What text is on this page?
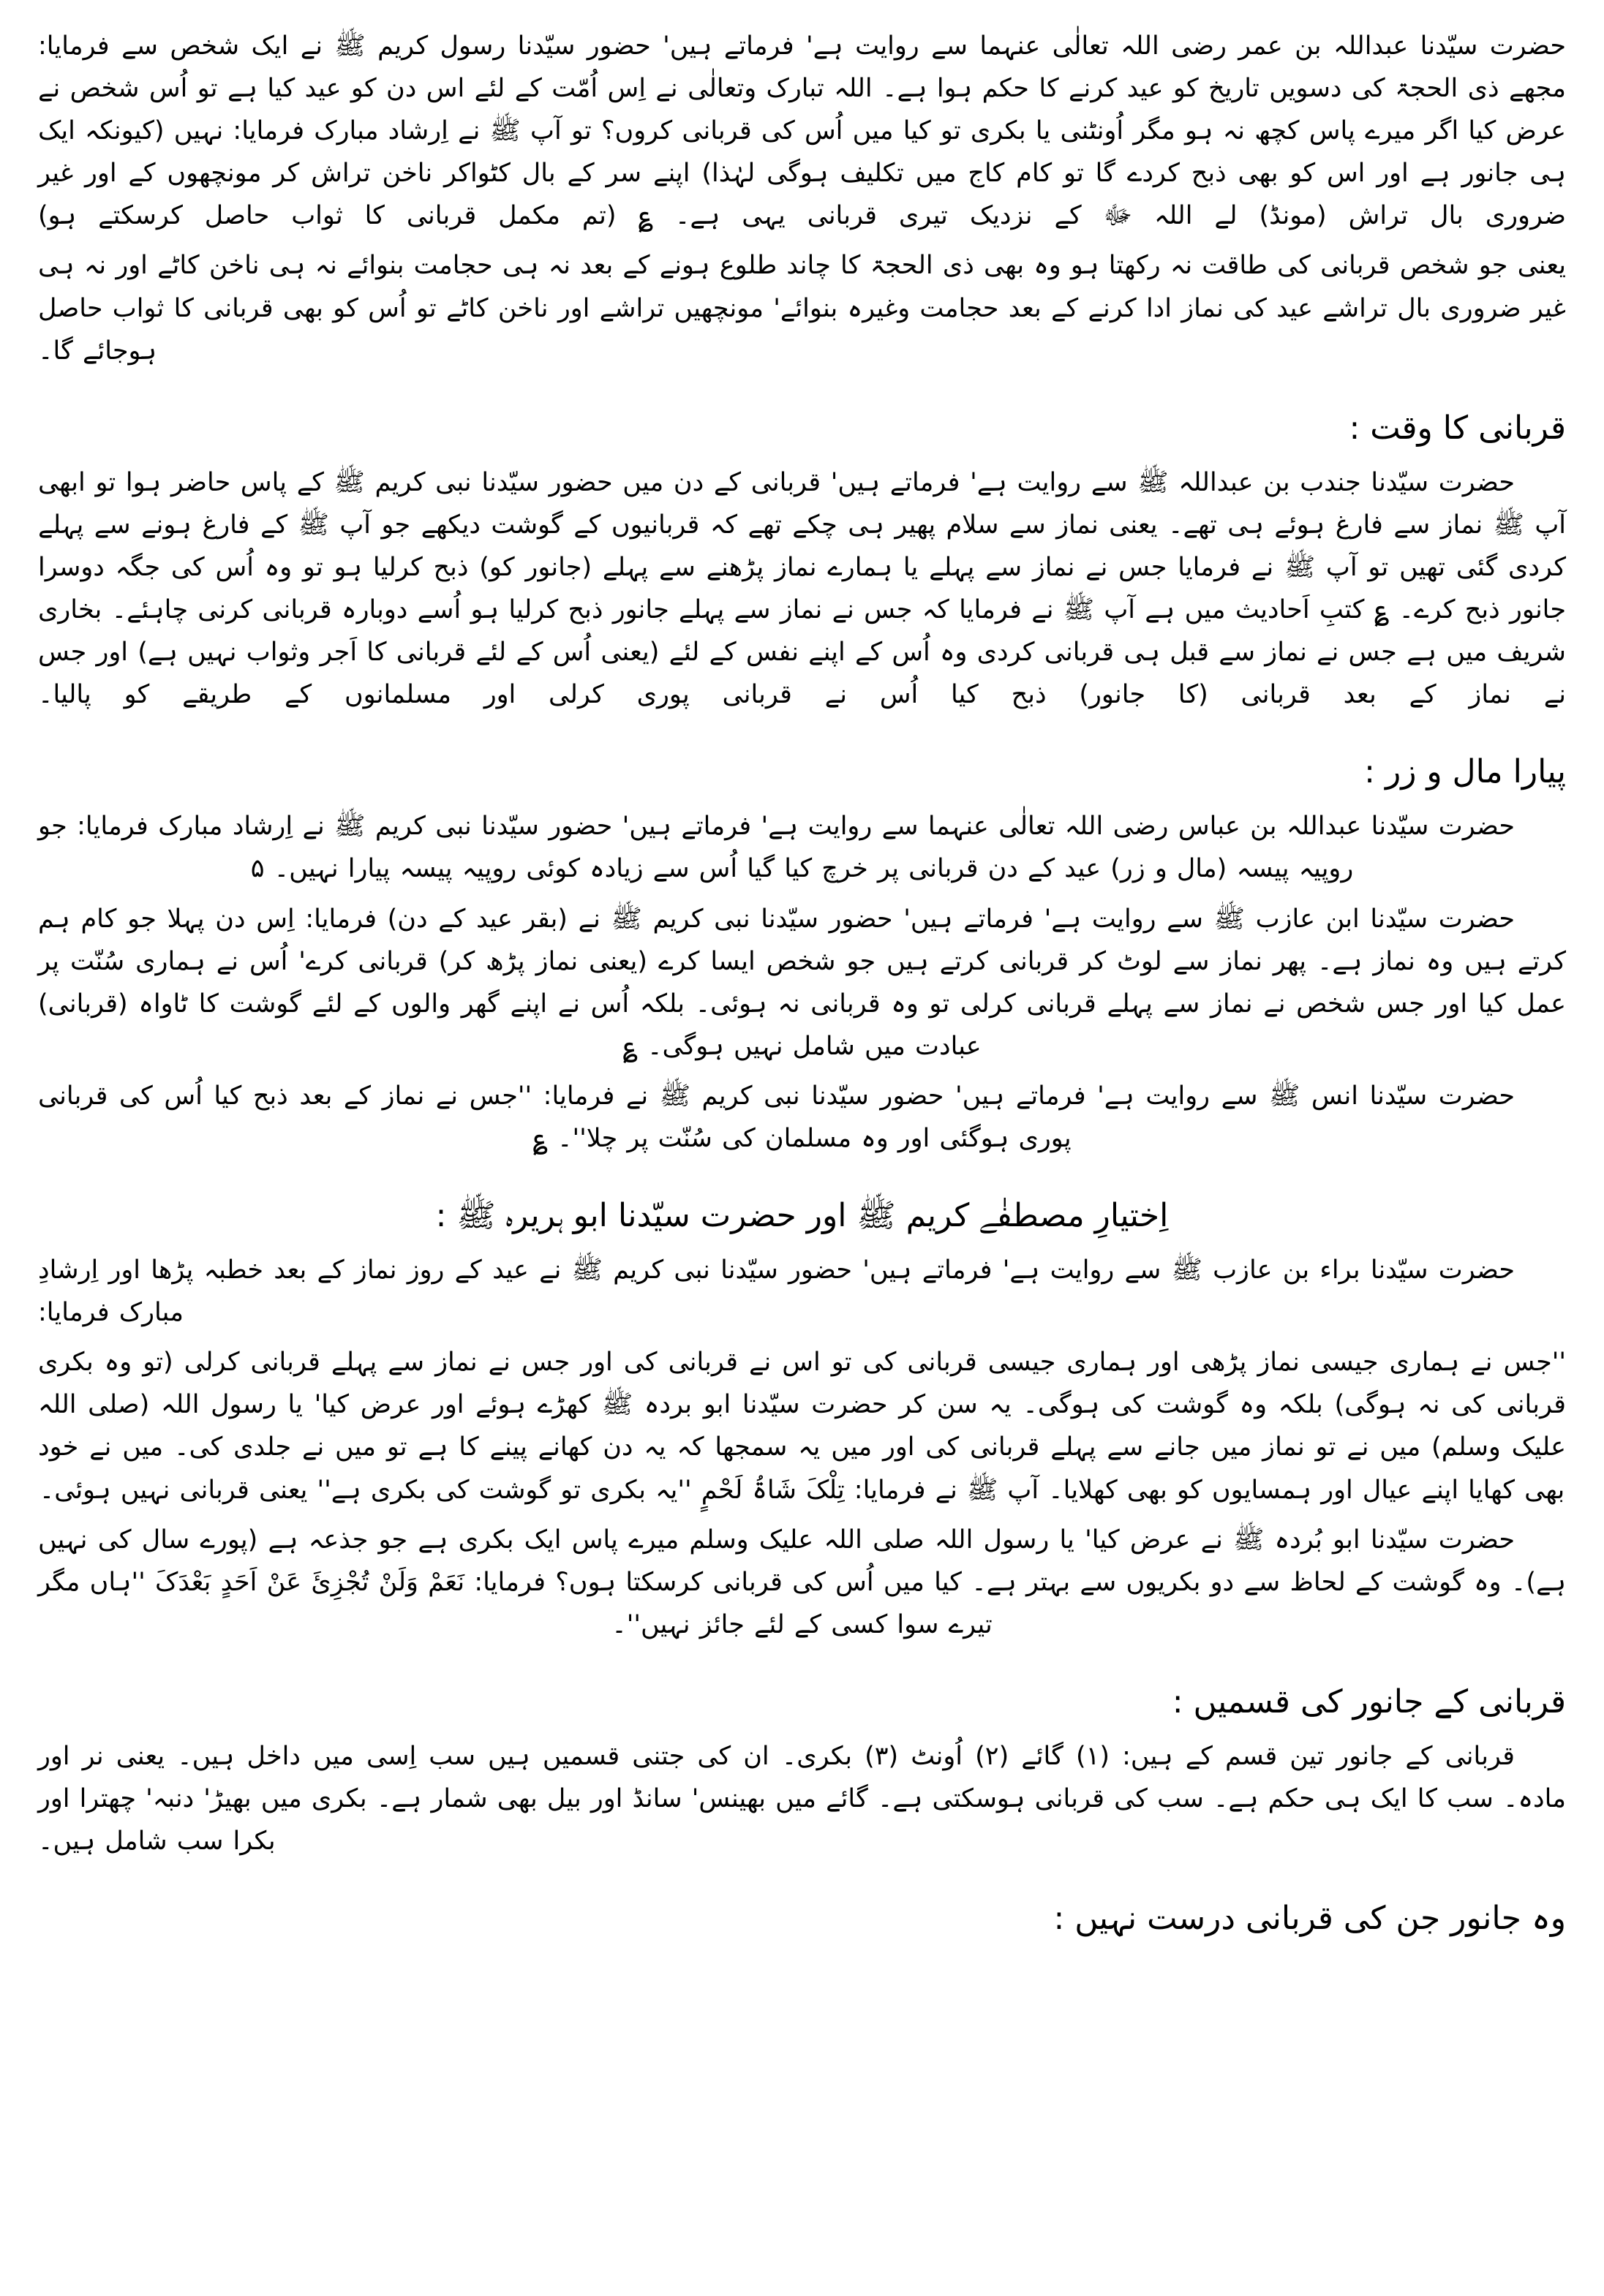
حضرت سیّدنا عبداللہ بن عمر رضی اللہ تعالٰی عنہما سے روایت ہے' فرماتے ہیں' حضور سیّدنا رسول کریم ﷺ نے ایک شخص سے فرمایا: مجھے ذی الحجۃ کی دسویں تاریخ کو عید کرنے کا حکم ہوا ہے۔ اللہ تبارک وتعالٰی نے اِس اُمّت کے لئے اس دن کو عید کیا ہے تو اُس شخص نے عرض کیا اگر میرے پاس کچھ نہ ہو مگر اُونٹنی یا بکری تو کیا میں اُس کی قربانی کروں؟ تو آپ ﷺ نے اِرشاد مبارک فرمایا: نہیں (کیونکہ ایک ہی جانور ہے اور اس کو بھی ذبح کردے گا تو کام کاج میں تکلیف ہوگی لہٰذا) اپنے سر کے بال کٹواکر ناخن تراش کر مونچھوں کے اور غیر ضروری بال تراش (مونڈ) لے اللہ ﷻ کے نزدیک تیری قربانی یہی ہے۔ ؏ (تم مکمل قربانی کا ثواب حاصل کرسکتے ہو)

یعنی جو شخص قربانی کی طاقت نہ رکھتا ہو وہ بھی ذی الحجۃ کا چاند طلوع ہونے کے بعد نہ ہی حجامت بنوائے نہ ہی ناخن کاٹے اور نہ ہی غیر ضروری بال تراشے عید کی نماز ادا کرنے کے بعد حجامت وغیرہ بنوائے' مونچھیں تراشے اور ناخن کاٹے تو اُس کو بھی قربانی کا ثواب حاصل ہوجائے گا۔

قربانی کا وقت :

حضرت سیّدنا جندب بن عبداللہ ﷺ سے روایت ہے' فرماتے ہیں' قربانی کے دن میں حضور سیّدنا نبی کریم ﷺ کے پاس حاضر ہوا تو ابھی آپ ﷺ نماز سے فارغ ہوئے ہی تھے۔ یعنی نماز سے سلام پھیر ہی چکے تھے کہ قربانیوں کے گوشت دیکھے جو آپ ﷺ کے فارغ ہونے سے پہلے کردی گئی تھیں تو آپ ﷺ نے فرمایا جس نے نماز سے پہلے یا ہمارے نماز پڑھنے سے پہلے (جانور کو) ذبح کرلیا ہو تو وہ اُس کی جگہ دوسرا جانور ذبح کرے۔ ؏ کتبِ اَحادیث میں ہے آپ ﷺ نے فرمایا کہ جس نے نماز سے پہلے جانور ذبح کرلیا ہو اُسے دوبارہ قربانی کرنی چاہئے۔ بخاری شریف میں ہے جس نے نماز سے قبل ہی قربانی کردی وہ اُس کے اپنے نفس کے لئے (یعنی اُس کے لئے قربانی کا اَجر وثواب نہیں ہے) اور جس نے نماز کے بعد قربانی (کا جانور) ذبح کیا اُس نے قربانی پوری کرلی اور مسلمانوں کے طریقے کو پالیا۔

پیارا مال و زر :

حضرت سیّدنا عبداللہ بن عباس رضی اللہ تعالٰی عنہما سے روایت ہے' فرماتے ہیں' حضور سیّدنا نبی کریم ﷺ نے اِرشاد مبارک فرمایا: جو روپیہ پیسہ (مال و زر) عید کے دن قربانی پر خرچ کیا گیا اُس سے زیادہ کوئی روپیہ پیسہ پیارا نہیں۔ ۵

حضرت سیّدنا ابن عازب ﷺ سے روایت ہے' فرماتے ہیں' حضور سیّدنا نبی کریم ﷺ نے (بقر عید کے دن) فرمایا: اِس دن پہلا جو کام ہم کرتے ہیں وہ نماز ہے۔ پھر نماز سے لوٹ کر قربانی کرتے ہیں جو شخص ایسا کرے (یعنی نماز پڑھ کر) قربانی کرے' اُس نے ہماری سُنّت پر عمل کیا اور جس شخص نے نماز سے پہلے قربانی کرلی تو وہ قربانی نہ ہوئی۔ بلکہ اُس نے اپنے گھر والوں کے لئے گوشت کا ٹاواہ (قربانی) عبادت میں شامل نہیں ہوگی۔ ؏

حضرت سیّدنا انس ﷺ سے روایت ہے' فرماتے ہیں' حضور سیّدنا نبی کریم ﷺ نے فرمایا: ''جس نے نماز کے بعد ذبح کیا اُس کی قربانی پوری ہوگئی اور وہ مسلمان کی سُنّت پر چلا''۔ ؏

اِختیارِ مصطفٰے کریم ﷺ اور حضرت سیّدنا ابو ہریرہ ﷺ :

حضرت سیّدنا براء بن عازب ﷺ سے روایت ہے' فرماتے ہیں' حضور سیّدنا نبی کریم ﷺ نے عید کے روز نماز کے بعد خطبہ پڑھا اور اِرشادِ مبارک فرمایا:

''جس نے ہماری جیسی نماز پڑھی اور ہماری جیسی قربانی کی تو اس نے قربانی کی اور جس نے نماز سے پہلے قربانی کرلی (تو وہ بکری قربانی کی نہ ہوگی) بلکہ وہ گوشت کی ہوگی۔ یہ سن کر حضرت سیّدنا ابو بردہ ﷺ کھڑے ہوئے اور عرض کیا' یا رسول اللہ (صلی اللہ علیک وسلم) میں نے تو نماز میں جانے سے پہلے قربانی کی اور میں یہ سمجھا کہ یہ دن کھانے پینے کا ہے تو میں نے جلدی کی۔ میں نے خود بھی کھایا اپنے عیال اور ہمسایوں کو بھی کھلایا۔ آپ ﷺ نے فرمایا: تِلْکَ شَاۃُ لَحْمٍ ''یہ بکری تو گوشت کی بکری ہے'' یعنی قربانی نہیں ہوئی۔

حضرت سیّدنا ابو بُردہ ﷺ نے عرض کیا' یا رسول اللہ صلی اللہ علیک وسلم میرے پاس ایک بکری ہے جو جذعہ ہے (پورے سال کی نہیں ہے)۔ وہ گوشت کے لحاظ سے دو بکریوں سے بہتر ہے۔ کیا میں اُس کی قربانی کرسکتا ہوں؟ فرمایا: نَعَمْ وَلَنْ تُجْزِئَ عَنْ اَحَدٍ بَعْدَکَ ''ہاں مگر تیرے سوا کسی کے لئے جائز نہیں''۔

قربانی کے جانور کی قسمیں :

قربانی کے جانور تین قسم کے ہیں: (۱) گائے (۲) اُونٹ (۳) بکری۔ ان کی جتنی قسمیں ہیں سب اِسی میں داخل ہیں۔ یعنی نر اور مادہ۔ سب کا ایک ہی حکم ہے۔ سب کی قربانی ہوسکتی ہے۔ گائے میں بھینس' سانڈ اور بیل بھی شمار ہے۔ بکری میں بھیڑ' دنبہ' چھترا اور بکرا سب شامل ہیں۔

وہ جانور جن کی قربانی درست نہیں :
